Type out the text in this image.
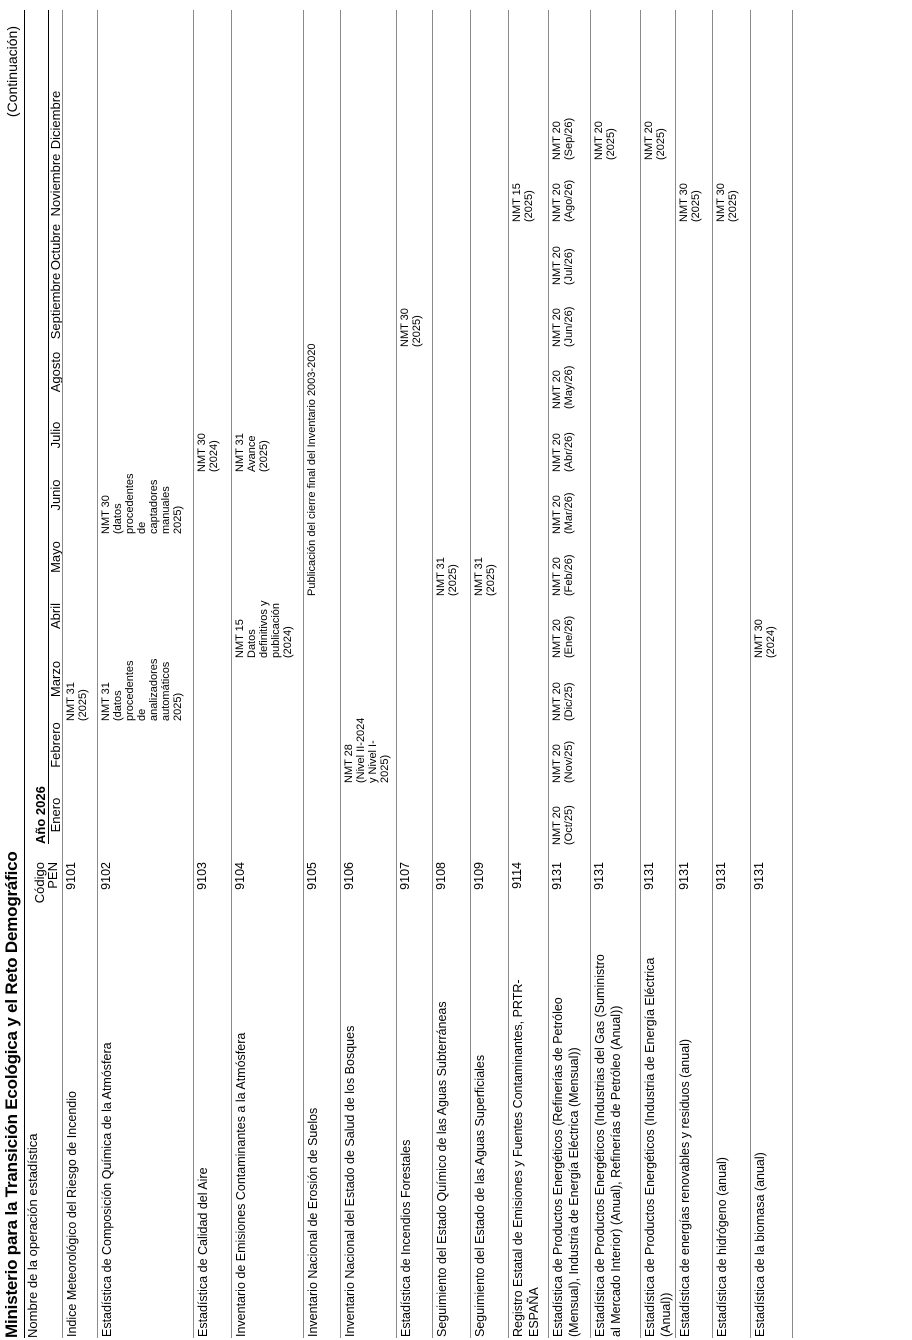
Ministerio para la Transición Ecológica y el Reto Demográfico
(Continuación)
Nombre de la operación estadística
Código PEN
Año 2026 Enero
Febrero
Marzo
Abril
Mayo
Junio
Julio
Agosto
Septiembre
Octubre
Noviembre
Diciembre
Indice Meteorológico del Riesgo de Incendio
9101
NMT 31
(2025)
Estadística de Composición Química de la Atmósfera
9102
NMT 31
(datos
procedentes de
analizadores
automáticos
2025)
NMT 30
(datos
procedentes de
captadores
manuales 2025)
Estadística de Calidad del Aire
9103
NMT 30
(2024)
Inventario de Emisiones Contaminantes a la Atmósfera
9104
NMT 15
Datos
definitivos y
publicación
(2024)
NMT 31
Avance
(2025)
Inventario Nacional de Erosión de Suelos
9105
Publicación del cierre final del Inventario 2003-2020
Inventario Nacional del Estado de Salud de los Bosques
9106
NMT 28
(Nivel II-2024
y Nivel I-
2025)
Estadística de Incendios Forestales
9107
NMT 30
(2025)
Seguimiento del Estado Químico de las Aguas Subterráneas
9108
NMT 31
(2025)
Seguimiento del Estado de las Aguas Superficiales
9109
NMT 31
(2025)
Registro Estatal de Emisiones y Fuentes Contaminantes, PRTR-ESPAÑA
9114
NMT 15
(2025)
Estadística de Productos Energéticos (Refinerías de Petróleo (Mensual), Industria de Energía Eléctrica (Mensual))
9131
NMT 20
(Oct/25)
NMT 20
(Nov/25)
NMT 20
(Dic/25)
NMT 20
(Ene/26)
NMT 20
(Feb/26)
NMT 20
(Mar/26)
NMT 20
(Abr/26)
NMT 20
(May/26)
NMT 20
(Jun/26)
NMT 20
(Jul/26)
NMT 20
(Ago/26)
NMT 20
(Sep/26)
Estadística de Productos Energéticos (Industrias del Gas (Suministro al Mercado Interior) (Anual), Refinerías de Petróleo (Anual))
9131
NMT 20
(2025)
Estadística de Productos Energéticos (Industria de Energía Eléctrica (Anual))
9131
NMT 20
(2025)
Estadística de energías renovables y residuos (anual)
9131
NMT 30
(2025)
Estadística de hidrógeno (anual)
9131
NMT 30
(2025)
Estadística de la biomasa (anual)
9131
NMT 30
(2024)
